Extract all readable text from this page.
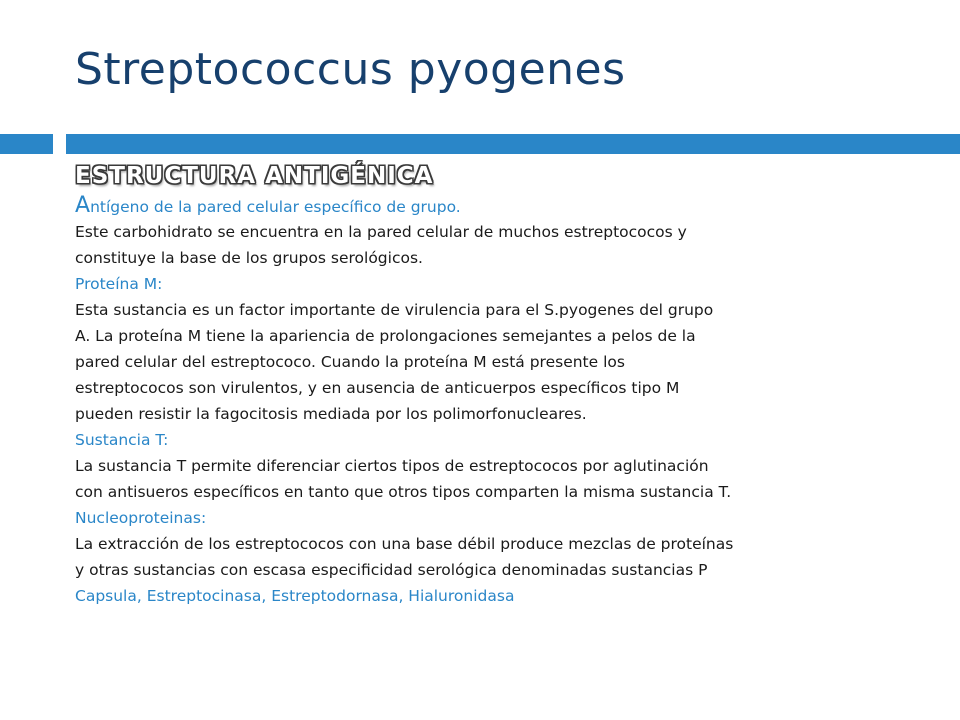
Streptococcus pyogenes
ESTRUCTURA ANTIGÉNICA
Antígeno de la pared celular específico de grupo.
Este carbohidrato se encuentra en la pared celular de muchos estreptococos y
constituye la base de los grupos serológicos.
Proteína M:
Esta sustancia es un factor importante de virulencia para el S.pyogenes del grupo
A. La proteína M tiene la apariencia de prolongaciones semejantes a pelos de la
pared celular del estreptococo. Cuando la proteína M está presente los
estreptococos son virulentos, y en ausencia de anticuerpos específicos tipo M
pueden resistir la fagocitosis mediada por los polimorfonucleares.
Sustancia T:
La sustancia T permite diferenciar ciertos tipos de estreptococos por aglutinación
con antisueros específicos en tanto que otros tipos comparten la misma sustancia T.
Nucleoproteinas:
La extracción de los estreptococos con una base débil produce mezclas de proteínas
y otras sustancias con escasa especificidad serológica denominadas sustancias P
Capsula, Estreptocinasa, Estreptodornasa, Hialuronidasa
